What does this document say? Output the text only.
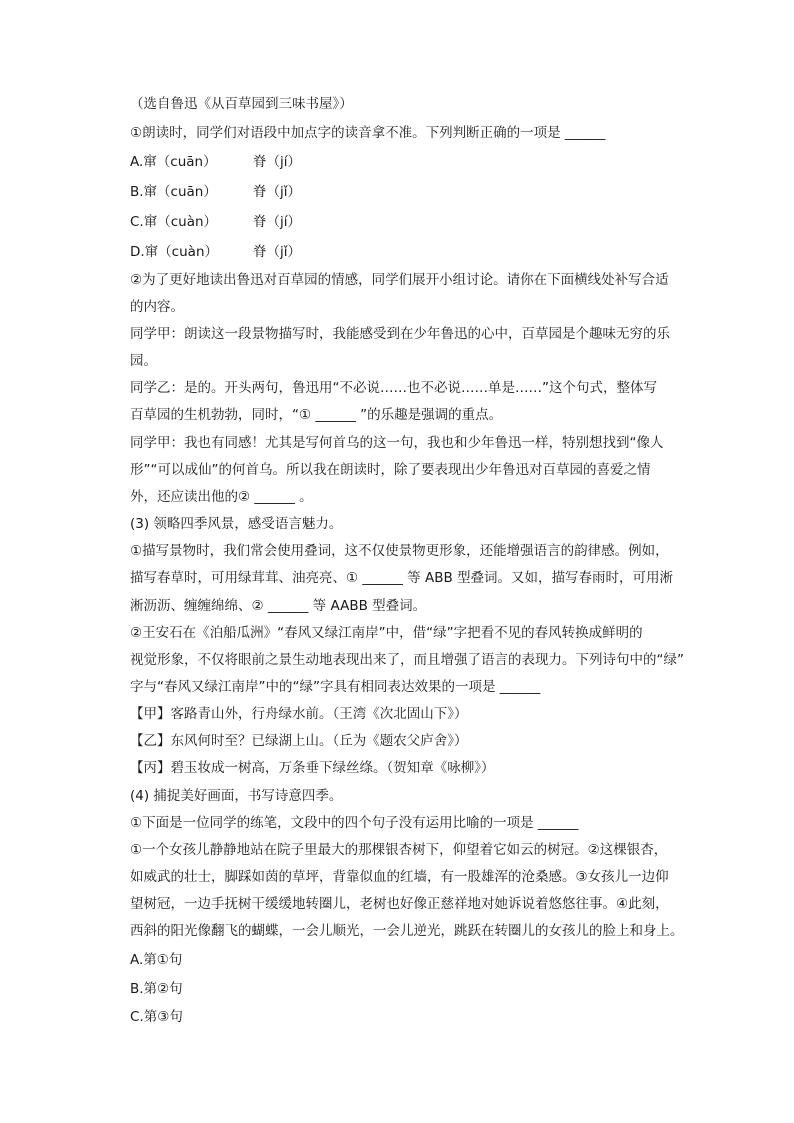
（选自鲁迅《从百草园到三味书屋》）
①朗读时，同学们对语段中加点字的读音拿不准。下列判断正确的一项是 ______
A.窜（cuān）	脊（jí）
B.窜（cuān）	脊（jǐ）
C.窜（cuàn）	脊（jí）
D.窜（cuàn）	脊（jǐ）
②为了更好地读出鲁迅对百草园的情感，同学们展开小组讨论。请你在下面横线处补写合适
的内容。
同学甲：朗读这一段景物描写时，我能感受到在少年鲁迅的心中，百草园是个趣味无穷的乐
园。
同学乙：是的。开头两句，鲁迅用“不必说……也不必说……单是……”这个句式，整体写
百草园的生机勃勃，同时，“① ______ ”的乐趣是强调的重点。
同学甲：我也有同感！尤其是写何首乌的这一句，我也和少年鲁迅一样，特别想找到“像人
形”“可以成仙”的何首乌。所以我在朗读时，除了要表现出少年鲁迅对百草园的喜爱之情
外，还应读出他的② ______ 。
(3) 领略四季风景，感受语言魅力。
①描写景物时，我们常会使用叠词，这不仅使景物更形象，还能增强语言的韵律感。例如，
描写春草时，可用绿茸茸、油亮亮、① ______ 等 ABB 型叠词。又如，描写春雨时，可用淅
淅沥沥、缠缠绵绵、② ______ 等 AABB 型叠词。
②王安石在《泊船瓜洲》“春风又绿江南岸”中，借“绿”字把看不见的春风转换成鲜明的
视觉形象，不仅将眼前之景生动地表现出来了，而且增强了语言的表现力。下列诗句中的“绿”
字与“春风又绿江南岸”中的“绿”字具有相同表达效果的一项是 ______
【甲】客路青山外，行舟绿水前。（王湾《次北固山下》）
【乙】东风何时至？已绿湖上山。（丘为《题农父庐舍》）
【丙】碧玉妆成一树高，万条垂下绿丝绦。（贺知章《咏柳》）
(4) 捕捉美好画面，书写诗意四季。
①下面是一位同学的练笔，文段中的四个句子没有运用比喻的一项是 ______
①一个女孩儿静静地站在院子里最大的那棵银杏树下，仰望着它如云的树冠。②这棵银杏，
如威武的壮士，脚踩如茵的草坪，背靠似血的红墙，有一股雄浑的沧桑感。③女孩儿一边仰
望树冠，一边手抚树干缓缓地转圈儿，老树也好像正慈祥地对她诉说着悠悠往事。④此刻，
西斜的阳光像翻飞的蝴蝶，一会儿顺光，一会儿逆光，跳跃在转圈儿的女孩儿的脸上和身上。
A.第①句
B.第②句
C.第③句
